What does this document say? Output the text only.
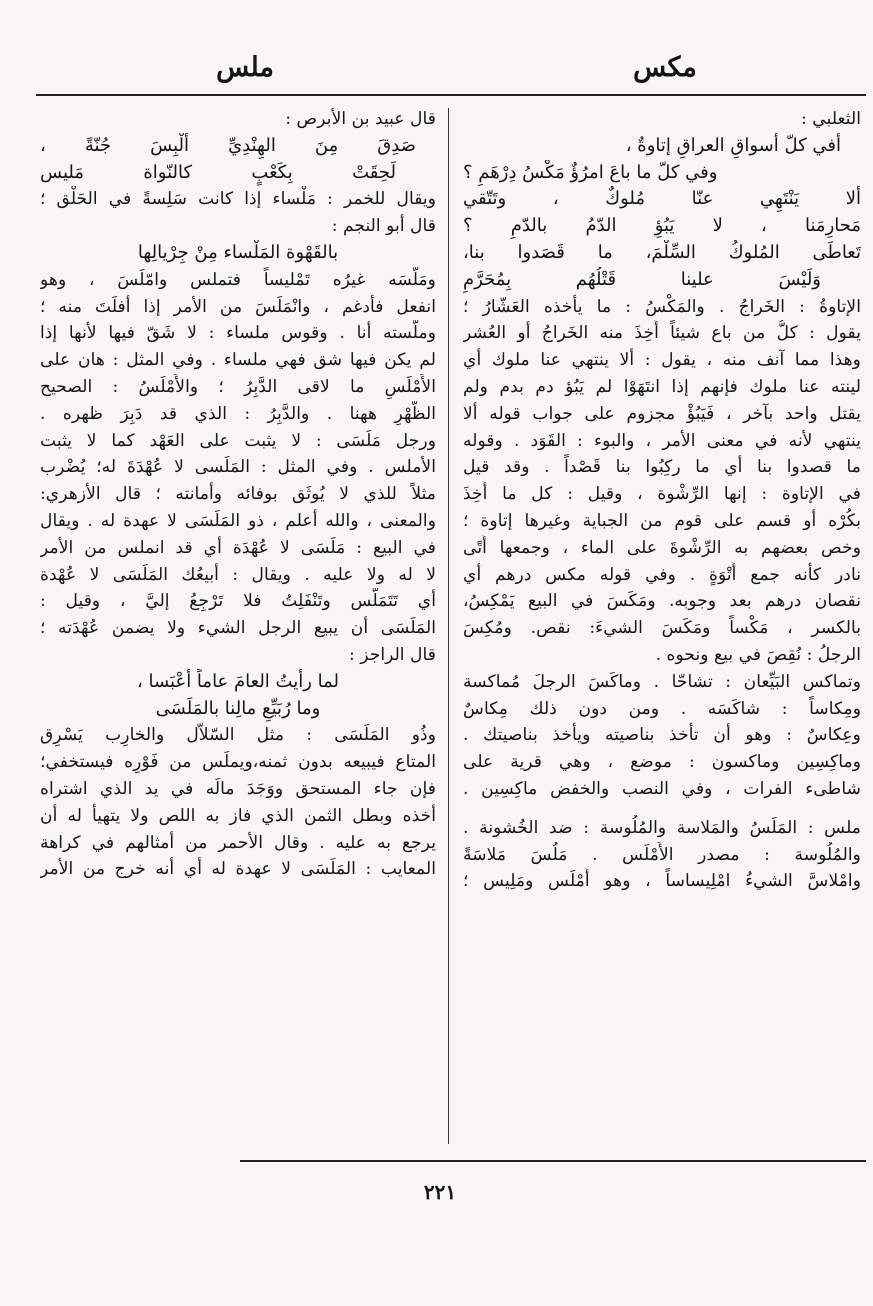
مكس
ملس
الثعلبي :
أفي كلّ أسواقِ العراقِ إتاوةٌ ،
وفي كلّ ما باعَ امرُؤٌ مَكْسُ دِرْهَمِ ؟
ألا يَنْتَهِي عنّا مُلوكٌ ، وتَتّقي
مَحارِمَنا ، لا يَبُؤِ الدّمُ بالدّمِ ؟
تَعاطَى المُلوكُ السِّلْمَ، ما قَصَدوا بنا،
وَلَيْسَ علينا قَتْلُهُم بِمُحَرَّمِ
الإتاوةُ : الخَراجُ . والمَكْسُ : ما يأخذه العَشّارُ ؛
يقول : كلُّ من باع شيئاً أُخِذَ منه الخَراجُ أو العُشر
وهذا مما آنف منه ، يقول : ألا ينتهي عنا ملوك أي
لينته عنا ملوك فإنهم إذا انتَهَوْا لم يَبُؤ دم بدم ولم
يقتل واحد بآخر ، فَيَبُؤْ مجزوم على جواب قوله ألا
ينتهي لأنه في معنى الأمر ، والبوء : القَوَد . وقوله
ما قصدوا بنا أي ما ركِبُوا بنا قَصْداً . وقد قيل
في الإتاوة : إنها الرِّشْوة ، وقيل : كل ما أُخِذَ
بكُرْه أو قسم على قوم من الجباية وغيرها إتاوة ؛
وخص بعضهم به الرِّشْوةَ على الماء ، وجمعها أُتًى
نادر كأنه جمع أَتْوَةٍ . وفي قوله مكس درهم أي
نقصان درهم بعد وجوبه. ومَكَسَ في البيع يَمْكِسُ،
بالكسر ، مَكْساً ومَكَسَ الشيءَ: نقص. ومُكِسَ
الرجلُ : نُقِصَ في بيع ونحوه .
وتماكس البَيِّعان : تشاحّا . وماكَسَ الرجلَ مُماكسة
ومِكاساً : شاكَسَه . ومن دون ذلك مِكاسٌ
وعِكاسٌ : وهو أن تأخذ بناصيته ويأخذ بناصيتك .
وماكِسِين وماكسون : موضع ، وهي قرية على
شاطىء الفرات ، وفي النصب والخفض ماكِسِين .
ملس : المَلَسُ والمَلاسة والمُلُوسة : ضد الخُشونة .
والمُلُوسة : مصدر الأَمْلَس . مَلُسَ مَلاسَةً
وامْلاسَّ الشيءُ امْلِيساساً ، وهو أَمْلَس ومَلِيس ؛
قال عبيد بن الأبرص :
صَدِقَ مِنَ الهِنْدِيِّ أَلْبِسَ جُنّةً ،
لَحِقَتْ بِكَعْبٍ كالنّواة مَليس
ويقال للخمر : مَلْساء إذا كانت سَلِسةً في الحَلْق ؛
قال أبو النجم :
بالقَهْوة المَلْساء مِنْ جِرْيالِها
ومَلّسَه غيرُه تَمْليساً فتملس وامّلَسَ ، وهو
انفعل فأُدغم ، وانْمَلَسَ من الأمر إذا أفلَتَ منه ؛
وملّسته أنا . وقوس ملساء : لا شَقّ فيها لأنها إذا
لم يكن فيها شق فهي ملساء . وفي المثل : هان على
الأَمْلَسِ ما لاقى الدَّبِرُ ؛ والأَمْلَسُ : الصحيح
الظَّهْرِ ههنا . والدَّبِرُ : الذي قد دَبِرَ ظهره .
ورجل مَلَسَى : لا يثبت على العَهْد كما لا يثبت
الأملس . وفي المثل : المَلَسى لا عُهْدَةَ له؛ يُضْرب
مثلاً للذي لا يُوثَق بوفائه وأمانته ؛ قال الأزهري:
والمعنى ، والله أعلم ، ذو المَلَسَى لا عهدة له . ويقال
في البيع : مَلَسَى لا عُهْدَة أي قد انملس من الأمر
لا له ولا عليه . ويقال : أبيعُك المَلَسَى لا عُهْدة
أي تَتَمَلَّس وتَنْفَلِتُ فلا تَرْجِعُ إليَّ ، وقيل :
المَلَسَى أن يبيع الرجل الشيء ولا يضمن عُهْدَته ؛
قال الراجز :
لما رأيتُ العامَ عاماً أَعْبَسا ،
وما رُبَيِّعٍ مالِنا بالمَلَسَى
وذُو المَلَسَى : مثل السّلاّل والخارِب يَسْرِق
المتاع فيبيعه بدون ثمنه،ويملَس من فَوْرِه فيستخفي؛
فإن جاء المستحق ووَجَدَ مالَه في يد الذي اشتراه
أخذه وبطل الثمن الذي فاز به اللص ولا يتهيأ له أن
يرجع به عليه . وقال الأحمر من أمثالهم في كراهة
المعايب : المَلَسَى لا عهدة له أي أنه خرج من الأمر
٢٢١
